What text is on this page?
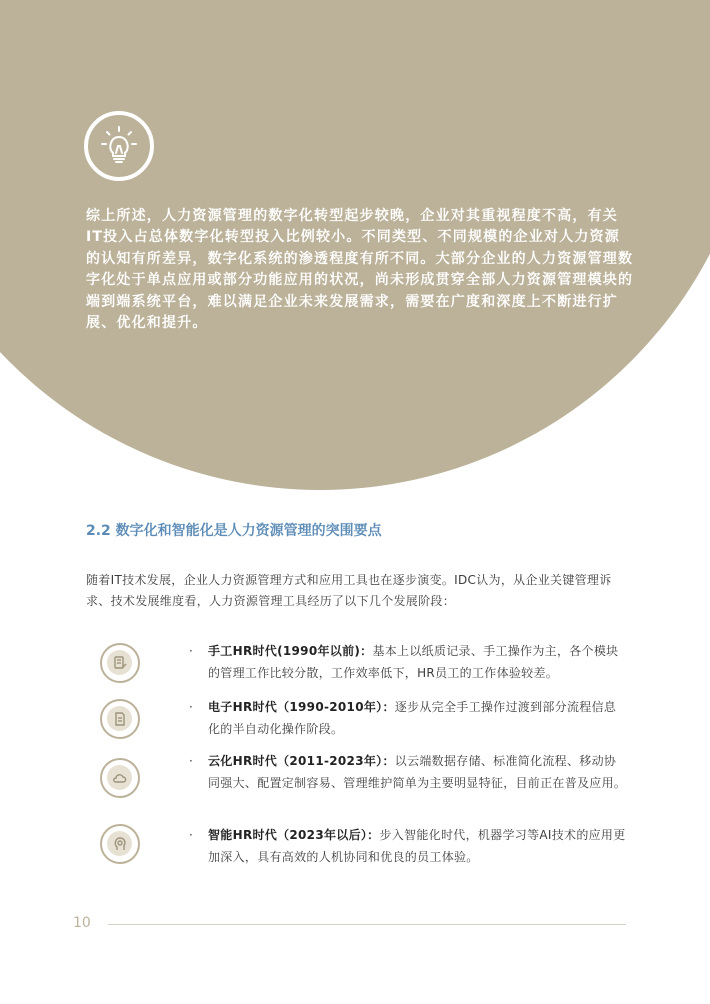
综上所述，人力资源管理的数字化转型起步较晚，企业对其重视程度不高，有关IT投入占总体数字化转型投入比例较小。不同类型、不同规模的企业对人力资源的认知有所差异，数字化系统的渗透程度有所不同。大部分企业的人力资源管理数字化处于单点应用或部分功能应用的状况，尚未形成贯穿全部人力资源管理模块的端到端系统平台，难以满足企业未来发展需求，需要在广度和深度上不断进行扩展、优化和提升。

2.2 数字化和智能化是人力资源管理的突围要点

随着IT技术发展，企业人力资源管理方式和应用工具也在逐步演变。IDC认为，从企业关键管理诉求、技术发展维度看，人力资源管理工具经历了以下几个发展阶段：

· 手工HR时代(1990年以前)：基本上以纸质记录、手工操作为主，各个模块的管理工作比较分散，工作效率低下，HR员工的工作体验较差。

· 电子HR时代（1990-2010年）：逐步从完全手工操作过渡到部分流程信息化的半自动化操作阶段。

· 云化HR时代（2011-2023年）：以云端数据存储、标准简化流程、移动协同强大、配置定制容易、管理维护简单为主要明显特征，目前正在普及应用。

· 智能HR时代（2023年以后）：步入智能化时代，机器学习等AI技术的应用更加深入，具有高效的人机协同和优良的员工体验。

10
